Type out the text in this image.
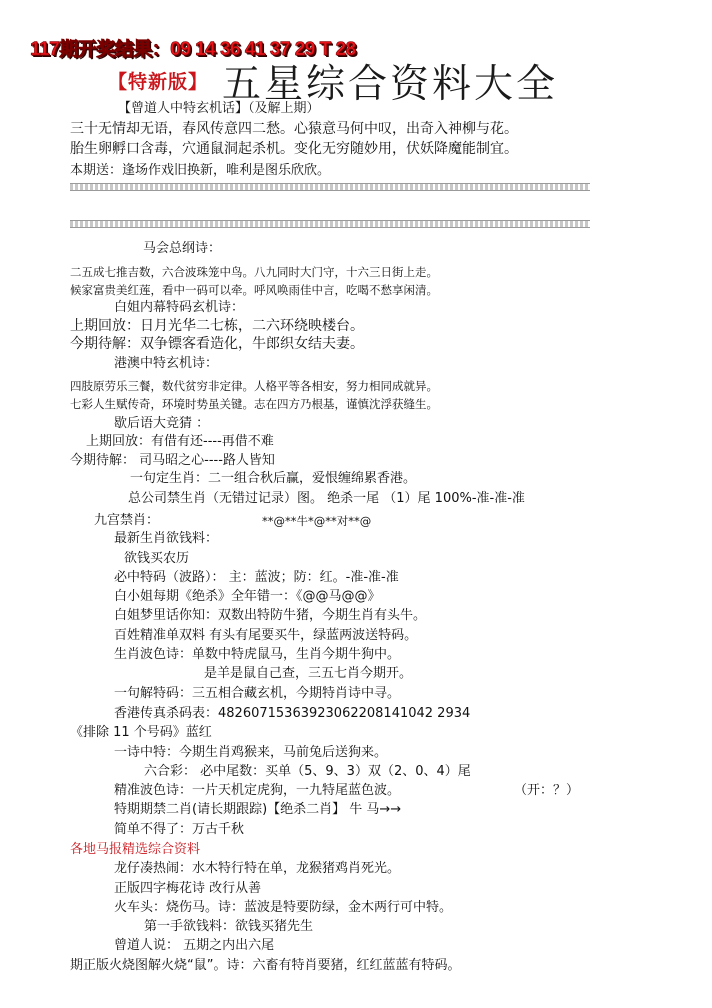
117期开奖结果：09 14 36 41 37 29 T 28
【特新版】 五星综合资料大全
【曾道人中特玄机话】（及解上期）
三十无情却无语，春风传意四二愁。心猿意马何中叹，出奇入神柳与花。
胎生卵孵口含毒，穴通鼠洞起杀机。变化无穷随妙用，伏妖降魔能制宜。
本期送：逢场作戏旧换新，唯利是图乐欣欣。
马会总纲诗：
二五成七推吉数，六合波珠笼中鸟。八九同时大门守，十六三日街上走。
候家富贵美红莲，看中一码可以牵。呼风唤雨佳中言，吃喝不愁享闲清。
白姐内幕特码玄机诗：
上期回放：日月光华二七栋，二六环绕映楼台。
今期待解：双争镖客看造化，牛郎织女结夫妻。
港澳中特玄机诗：
四肢原劳乐三餐，数代贫穷非定律。人格平等各相安，努力相同成就异。
七彩人生赋传奇，环境时势虽关键。志在四方乃根基，谨慎沈浮获缝生。
歇后语大竞猜 ：
上期回放：有借有还----再借不难
今期待解： 司马昭之心----路人皆知
一句定生肖：二一组合秋后赢，爱恨缠绵累香港。
总公司禁生肖（无错过记录）图。 绝杀一尾 （1）尾 100%-准-准-准
九宫禁肖：	**@**牛*@**对**@
最新生肖欲钱料：
欲钱买农历
必中特码（波路）： 主：蓝波；防：红。-准-准-准
白小姐每期《绝杀》全年错一：《@@马@@》
白姐梦里话你知：双数出特防牛猪，今期生肖有头牛。
百姓精准单双料 有头有尾要买牛，绿蓝两波送特码。
生肖波色诗：单数中特虎鼠马，生肖今期牛狗中。
是羊是鼠自己查，三五七肖今期开。
一句解特码：三五相合藏玄机，今期特肖诗中寻。
香港传真杀码表：48260715363923062208141042 2934
《排除 11 个号码》蓝红
一诗中特：今期生肖鸡猴来，马前兔后送狗来。
六合彩： 必中尾数：买单（5、9、3）双（2、0、4）尾
精准波色诗：一片天机定虎狗，一九特尾蓝色波。	（开：？）
特期期禁二肖(请长期跟踪)【绝杀二肖】 牛 马→→
简单不得了：万古千秋
各地马报精选综合资料
龙仔凑热闹：水木特行特在单，龙猴猪鸡肖死光。
正版四字梅花诗 改行从善
火车头：烧伤马。诗：蓝波是特要防绿，金木两行可中特。
第一手欲钱料：欲钱买猪先生
曾道人说： 五期之内出六尾
期正版火烧图解火烧“鼠”。诗：六畜有特肖要猪，红红蓝蓝有特码。
